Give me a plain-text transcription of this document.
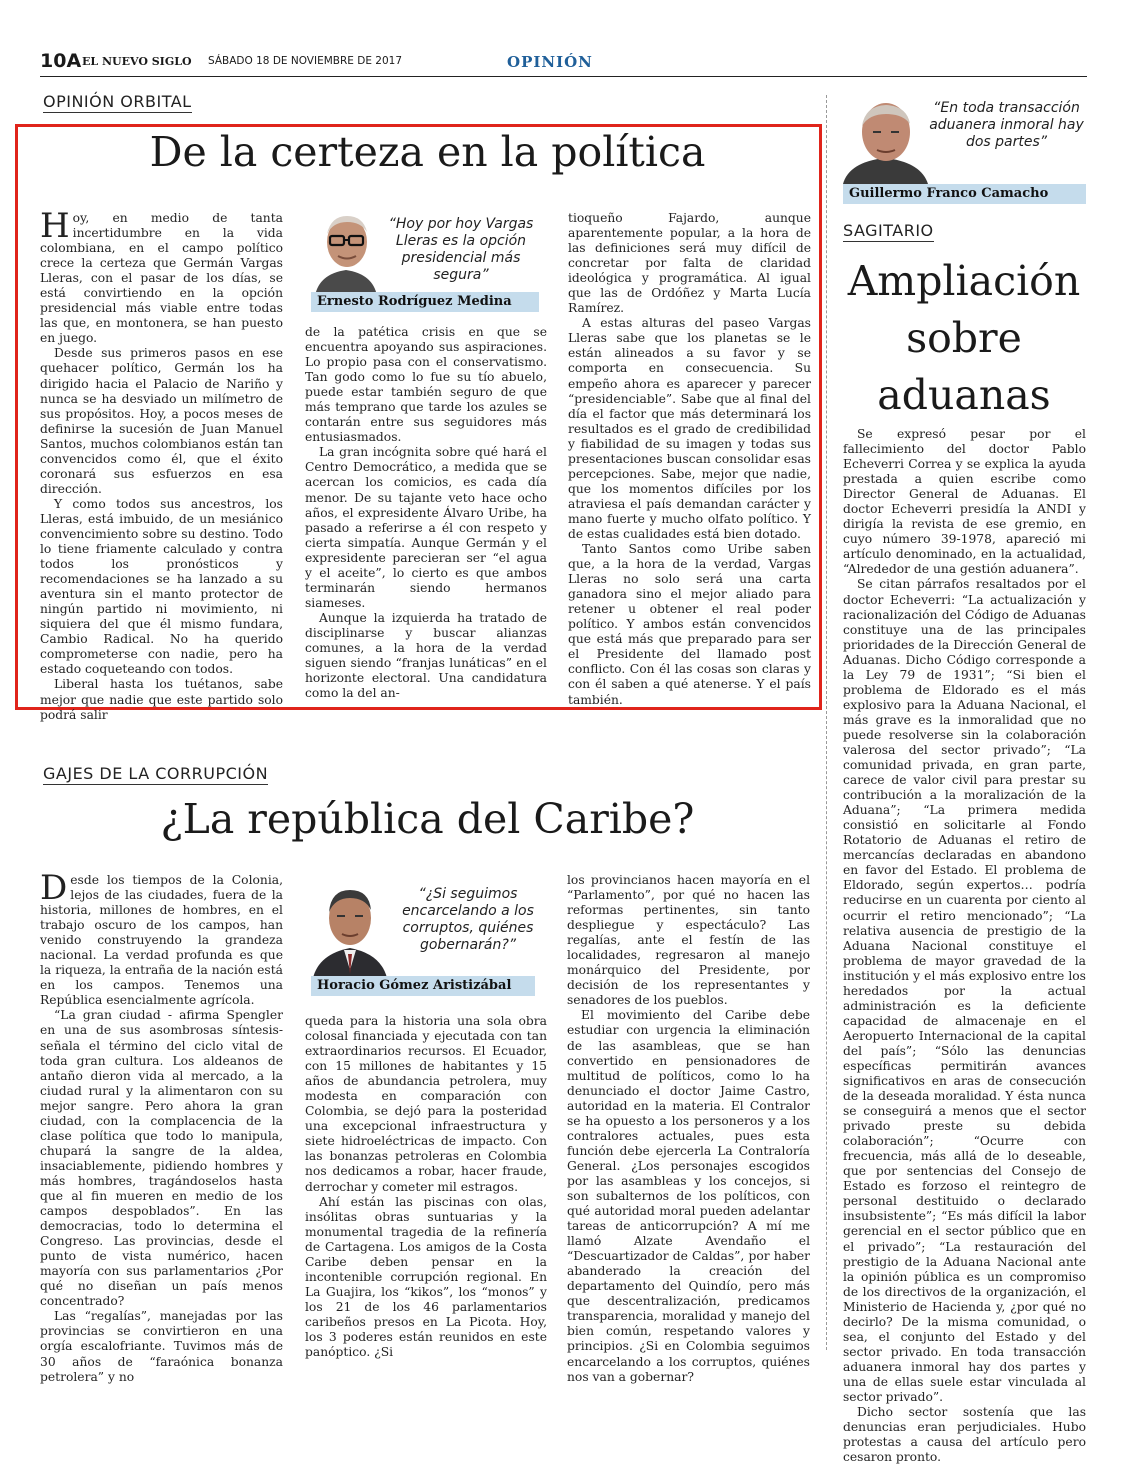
10A EL NUEVO SIGLO SÁBADO 18 DE NOVIEMBRE DE 2017	OPINIÓN
OPINIÓN ORBITAL
De la certeza en la política

Hoy, en medio de tanta incertidumbre en la vida colombiana, en el campo político crece la certeza que Germán Vargas Lleras, con el pasar de los días, se está convirtiendo en la opción presidencial más viable entre todas las que, en montonera, se han puesto en juego.

Desde sus primeros pasos en ese quehacer político, Germán los ha dirigido hacia el Palacio de Nariño y nunca se ha desviado un milímetro de sus propósitos. Hoy, a pocos meses de definirse la sucesión de Juan Manuel Santos, muchos colombianos están tan convencidos como él, que el éxito coronará sus esfuerzos en esa dirección.

Y como todos sus ancestros, los Lleras, está imbuido, de un mesiánico convencimiento sobre su destino. Todo lo tiene friamente calculado y contra todos los pronósticos y recomendaciones se ha lanzado a su aventura sin el manto protector de ningún partido ni movimiento, ni siquiera del que él mismo fundara, Cambio Radical. No ha querido comprometerse con nadie, pero ha estado coqueteando con todos.

Liberal hasta los tuétanos, sabe mejor que nadie que este partido solo podrá salir

“Hoy por hoy Vargas Lleras es la opción presidencial más segura”
Ernesto Rodríguez Medina

de la patética crisis en que se encuentra apoyando sus aspiraciones. Lo propio pasa con el conservatismo. Tan godo como lo fue su tío abuelo, puede estar también seguro de que más temprano que tarde los azules se contarán entre sus seguidores más entusiasmados.

La gran incógnita sobre qué hará el Centro Democrático, a medida que se acercan los comicios, es cada día menor. De su tajante veto hace ocho años, el expresidente Álvaro Uribe, ha pasado a referirse a él con respeto y cierta simpatía. Aunque Germán y el expresidente parecieran ser “el agua y el aceite”, lo cierto es que ambos terminarán siendo hermanos siameses.

Aunque la izquierda ha tratado de disciplinarse y buscar alianzas comunes, a la hora de la verdad siguen siendo “franjas lunáticas” en el horizonte electoral. Una candidatura como la del an-

tioqueño Fajardo, aunque aparentemente popular, a la hora de las definiciones será muy difícil de concretar por falta de claridad ideológica y programática. Al igual que las de Ordóñez y Marta Lucía Ramírez.

A estas alturas del paseo Vargas Lleras sabe que los planetas se le están alineados a su favor y se comporta en consecuencia. Su empeño ahora es aparecer y parecer “presidenciable”. Sabe que al final del día el factor que más determinará los resultados es el grado de credibilidad y fiabilidad de su imagen y todas sus presentaciones buscan consolidar esas percepciones. Sabe, mejor que nadie, que los momentos difíciles por los atraviesa el país demandan carácter y mano fuerte y mucho olfato político. Y de estas cualidades está bien dotado.

Tanto Santos como Uribe saben que, a la hora de la verdad, Vargas Lleras no solo será una carta ganadora sino el mejor aliado para retener u obtener el real poder político. Y ambos están convencidos que está más que preparado para ser el Presidente del llamado post conflicto. Con él las cosas son claras y con él saben a qué atenerse. Y el país también.

GAJES DE LA CORRUPCIÓN
¿La república del Caribe?

Desde los tiempos de la Colonia, lejos de las ciudades, fuera de la historia, millones de hombres, en el trabajo oscuro de los campos, han venido construyendo la grandeza nacional. La verdad profunda es que la riqueza, la entraña de la nación está en los campos. Tenemos una República esencialmente agrícola.

“La gran ciudad - afirma Spengler en una de sus asombrosas síntesis- señala el término del ciclo vital de toda gran cultura. Los aldeanos de antaño dieron vida al mercado, a la ciudad rural y la alimentaron con su mejor sangre. Pero ahora la gran ciudad, con la complacencia de la clase política que todo lo manipula, chupará la sangre de la aldea, insaciablemente, pidiendo hombres y más hombres, tragándoselos hasta que al fin mueren en medio de los campos despoblados”. En las democracias, todo lo determina el Congreso. Las provincias, desde el punto de vista numérico, hacen mayoría con sus parlamentarios ¿Por qué no diseñan un país menos concentrado?

Las “regalías”, manejadas por las provincias se convirtieron en una orgía escalofriante. Tuvimos más de 30 años de “faraónica bonanza petrolera” y no

“¿Si seguimos encarcelando a los corruptos, quiénes gobernarán?”
Horacio Gómez Aristizábal

queda para la historia una sola obra colosal financiada y ejecutada con tan extraordinarios recursos. El Ecuador, con 15 millones de habitantes y 15 años de abundancia petrolera, muy modesta en comparación con Colombia, se dejó para la posteridad una excepcional infraestructura y siete hidroeléctricas de impacto. Con las bonanzas petroleras en Colombia nos dedicamos a robar, hacer fraude, derrochar y cometer mil estragos.

Ahí están las piscinas con olas, insólitas obras suntuarias y la monumental tragedia de la refinería de Cartagena. Los amigos de la Costa Caribe deben pensar en la incontenible corrupción regional. En La Guajira, los “kikos”, los “monos” y los 21 de los 46 parlamentarios caribeños presos en La Picota. Hoy, los 3 poderes están reunidos en este panóptico. ¿Si

los provincianos hacen mayoría en el “Parlamento”, por qué no hacen las reformas pertinentes, sin tanto despliegue y espectáculo? Las regalías, ante el festín de las localidades, regresaron al manejo monárquico del Presidente, por decisión de los representantes y senadores de los pueblos.

El movimiento del Caribe debe estudiar con urgencia la eliminación de las asambleas, que se han convertido en pensionadores de multitud de políticos, como lo ha denunciado el doctor Jaime Castro, autoridad en la materia. El Contralor se ha opuesto a los personeros y a los contralores actuales, pues esta función debe ejercerla La Contraloría General. ¿Los personajes escogidos por las asambleas y los concejos, si son subalternos de los políticos, con qué autoridad moral pueden adelantar tareas de anticorrupción? A mí me llamó Alzate Avendaño el “Descuartizador de Caldas”, por haber abanderado la creación del departamento del Quindío, pero más que descentralización, predicamos transparencia, moralidad y manejo del bien común, respetando valores y principios. ¿Si en Colombia seguimos encarcelando a los corruptos, quiénes nos van a gobernar?

“En toda transacción aduanera inmoral hay dos partes”
Guillermo Franco Camacho
SAGITARIO
Ampliación
sobre
aduanas

Se expresó pesar por el fallecimiento del doctor Pablo Echeverri Correa y se explica la ayuda prestada a quien escribe como Director General de Aduanas. El doctor Echeverri presidía la ANDI y dirigía la revista de ese gremio, en cuyo número 39-1978, apareció mi artículo denominado, en la actualidad, “Alrededor de una gestión aduanera”.

Se citan párrafos resaltados por el doctor Echeverri: “La actualización y racionalización del Código de Aduanas constituye una de las principales prioridades de la Dirección General de Aduanas. Dicho Código corresponde a la Ley 79 de 1931”; “Si bien el problema de Eldorado es el más explosivo para la Aduana Nacional, el más grave es la inmoralidad que no puede resolverse sin la colaboración valerosa del sector privado”; “La comunidad privada, en gran parte, carece de valor civil para prestar su contribución a la moralización de la Aduana”; “La primera medida consistió en solicitarle al Fondo Rotatorio de Aduanas el retiro de mercancías declaradas en abandono en favor del Estado. El problema de Eldorado, según expertos… podría reducirse en un cuarenta por ciento al ocurrir el retiro mencionado”; “La relativa ausencia de prestigio de la Aduana Nacional constituye el problema de mayor gravedad de la institución y el más explosivo entre los heredados por la actual administración es la deficiente capacidad de almacenaje en el Aeropuerto Internacional de la capital del país”; “Sólo las denuncias específicas permitirán avances significativos en aras de consecución de la deseada moralidad. Y ésta nunca se conseguirá a menos que el sector privado preste su debida colaboración”; “Ocurre con frecuencia, más allá de lo deseable, que por sentencias del Consejo de Estado es forzoso el reintegro de personal destituido o declarado insubsistente”; “Es más difícil la labor gerencial en el sector público que en el privado”; “La restauración del prestigio de la Aduana Nacional ante la opinión pública es un compromiso de los directivos de la organización, el Ministerio de Hacienda y, ¿por qué no decirlo? De la misma comunidad, o sea, el conjunto del Estado y del sector privado. En toda transacción aduanera inmoral hay dos partes y una de ellas suele estar vinculada al sector privado”.

Dicho sector sostenía que las denuncias eran perjudiciales. Hubo protestas a causa del artículo pero cesaron pronto.
